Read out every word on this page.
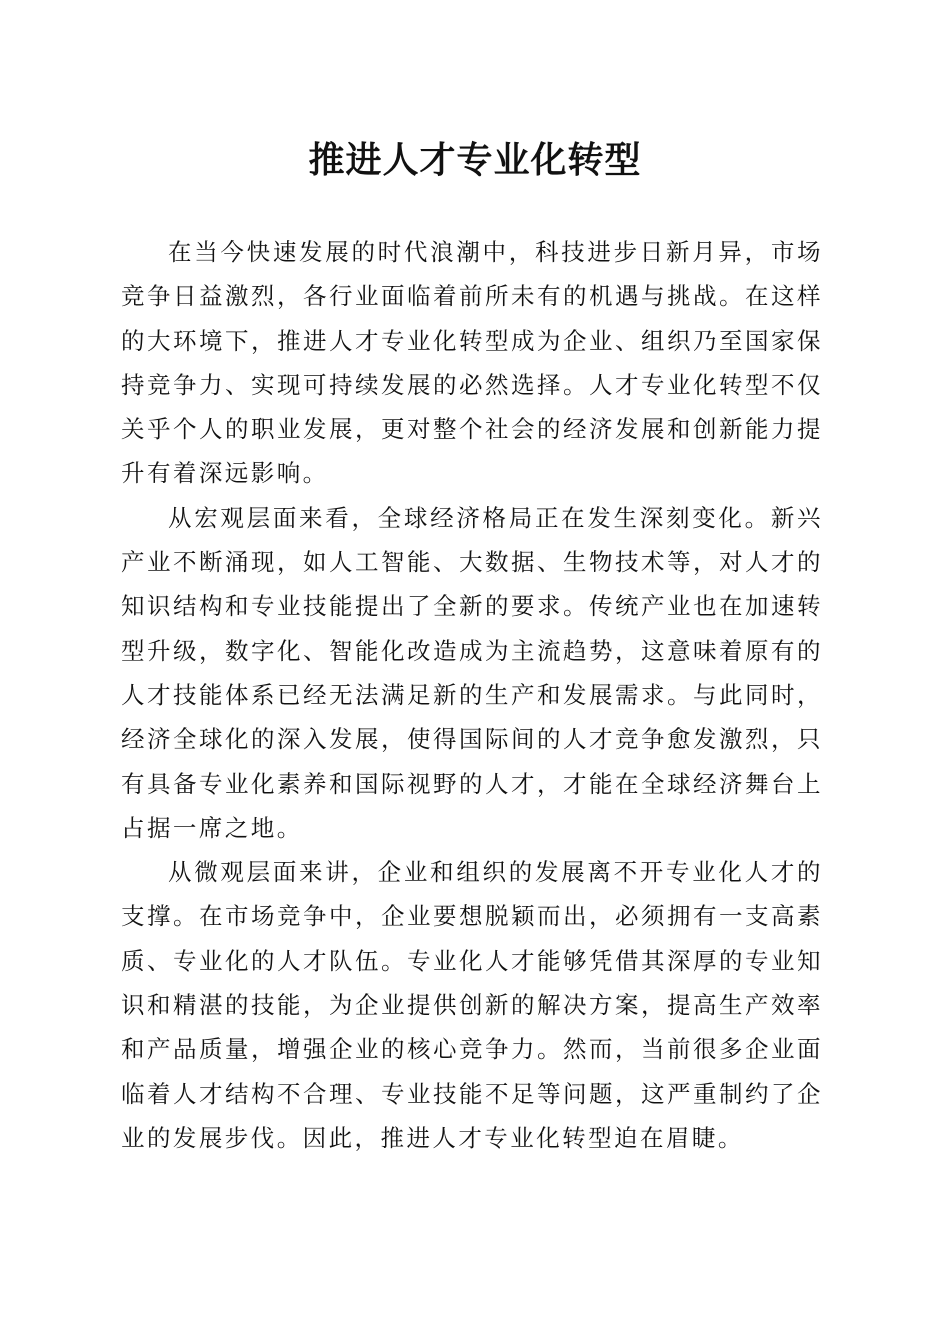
推进人才专业化转型

在当今快速发展的时代浪潮中，科技进步日新月异，市场竞争日益激烈，各行业面临着前所未有的机遇与挑战。在这样的大环境下，推进人才专业化转型成为企业、组织乃至国家保持竞争力、实现可持续发展的必然选择。人才专业化转型不仅关乎个人的职业发展，更对整个社会的经济发展和创新能力提升有着深远影响。

从宏观层面来看，全球经济格局正在发生深刻变化。新兴产业不断涌现，如人工智能、大数据、生物技术等，对人才的知识结构和专业技能提出了全新的要求。传统产业也在加速转型升级，数字化、智能化改造成为主流趋势，这意味着原有的人才技能体系已经无法满足新的生产和发展需求。与此同时，经济全球化的深入发展，使得国际间的人才竞争愈发激烈，只有具备专业化素养和国际视野的人才，才能在全球经济舞台上占据一席之地。

从微观层面来讲，企业和组织的发展离不开专业化人才的支撑。在市场竞争中，企业要想脱颖而出，必须拥有一支高素质、专业化的人才队伍。专业化人才能够凭借其深厚的专业知识和精湛的技能，为企业提供创新的解决方案，提高生产效率和产品质量，增强企业的核心竞争力。然而，当前很多企业面临着人才结构不合理、专业技能不足等问题，这严重制约了企业的发展步伐。因此，推进人才专业化转型迫在眉睫。
